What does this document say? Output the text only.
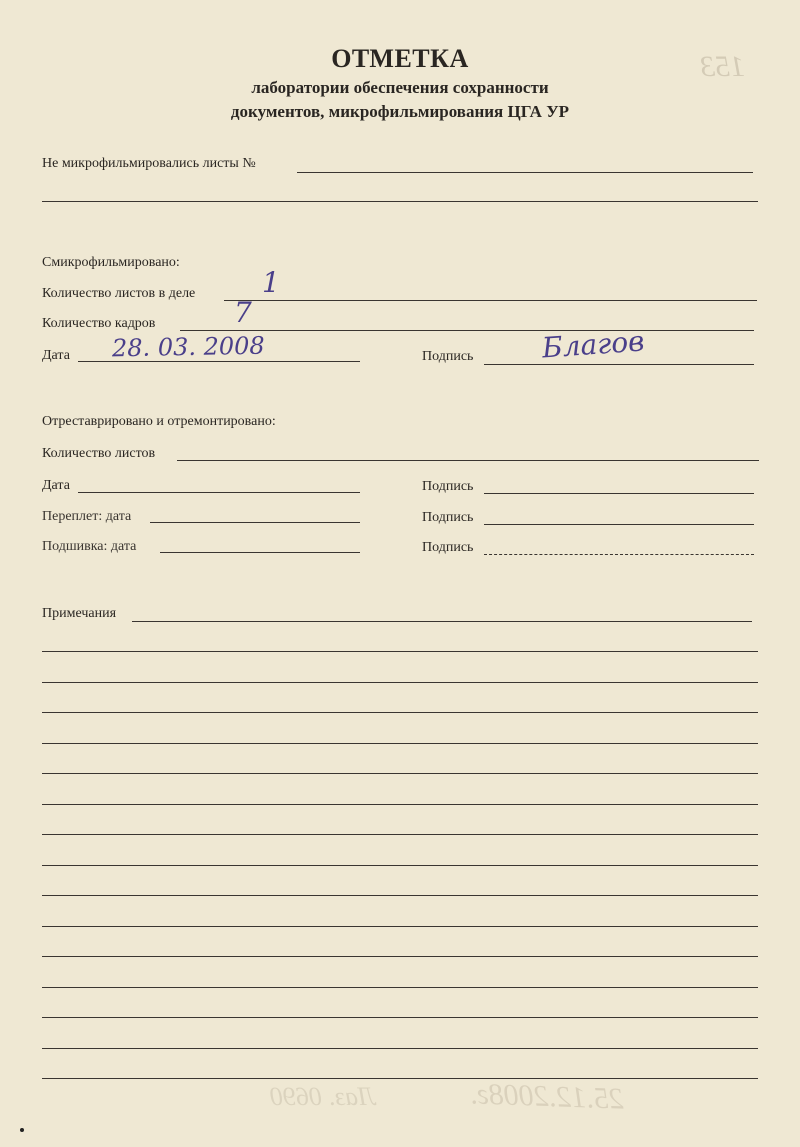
153
25.12.2008г.
Лаз. 0690
ОТМЕТКА
лаборатории обеспечения сохранности
документов, микрофильмирования ЦГА УР
Не микрофильмировались листы №
Смикрофильмировано:
Количество листов в деле 1
Количество кадров	7
Дата 28. 03. 2008	Подпись Благов
Отреставрировано и отремонтировано:
Количество листов
Дата	Подпись
Переплет: дата	Подпись
Подшивка: дата	Подпись
Примечания
